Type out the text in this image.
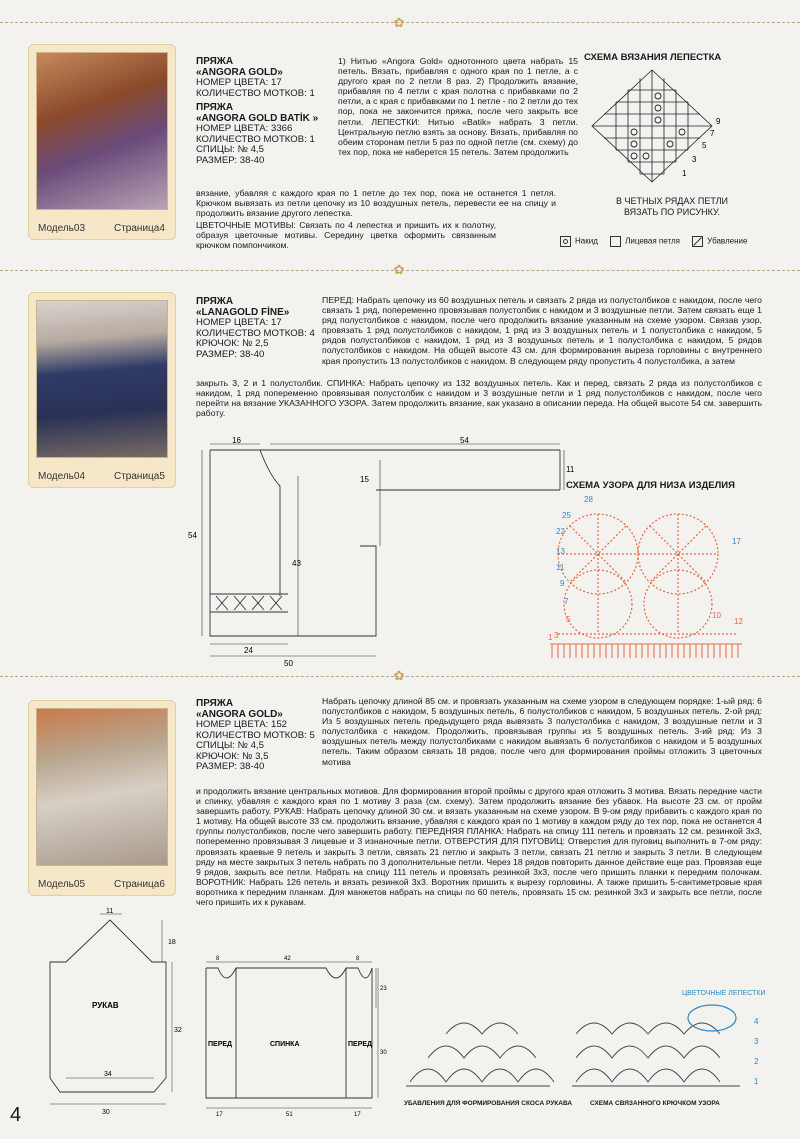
✿
✿
✿
Модель03	Страница4
ПРЯЖА
«ANGORA GOLD»
НОМЕР ЦВЕТА: 17
КОЛИЧЕСТВО МОТКОВ: 1
ПРЯЖА
«ANGORA GOLD BATİK »
НОМЕР ЦВЕТА: 3366
КОЛИЧЕСТВО МОТКОВ: 1
СПИЦЫ: № 4,5
РАЗМЕР: 38-40
1) Нитью «Angora Gold» однотонного цвета набрать 15 петель. Вязать, прибавляя с одного края по 1 петле, а с другого края по 2 петли 8 раз. 2) Продолжить вязание, прибавляя по 4 петли с края полотна с прибавками по 2 петли, а с края с прибавками по 1 петле - по 2 петли до тех пор, пока не закончится пряжа, после чего закрыть все петли. ЛЕПЕСТКИ: Нитью «Batik» набрать 3 петли. Центральную петлю взять за основу. Вязать, прибавляя по обеим сторонам петли 5 раз по одной петле (см. схему) до тех пор, пока не наберется 15 петель. Затем продолжить
вязание, убавляя с каждого края по 1 петле до тех пор, пока не останется 1 петля. Крючком вывязать из петли цепочку из 10 воздушных петель, перевести ее на спицу и продолжить вязание другого лепестка.
ЦВЕТОЧНЫЕ МОТИВЫ: Связать по 4 лепестка и пришить их к полотну, образуя цветочные мотивы. Середину цветка оформить связанным крючком помпончиком.
СХЕМА ВЯЗАНИЯ ЛЕПЕСТКА
9
7
5
3
1
В ЧЕТНЫХ РЯДАХ ПЕТЛИ ВЯЗАТЬ ПО РИСУНКУ.
Накид	Лицевая петля	Убавление
Модель04	Страница5
ПРЯЖА
«LANAGOLD FİNE»
НОМЕР ЦВЕТА: 17
КОЛИЧЕСТВО МОТКОВ: 4
КРЮЧОК: № 2,5
РАЗМЕР: 38-40
ПЕРЕД: Набрать цепочку из 60 воздушных петель и связать 2 ряда из полустолбиков с накидом, после чего связать 1 ряд, попеременно провязывая полустолбик с накидом и 3 воздушные петли. Затем связать еще 1 ряд полустолбиков с накидом, после чего продолжить вязание указанным на схеме узором. Связав узор, провязать 1 ряд полустолбиков с накидом, 1 ряд из 3 воздушных петель и 1 полустолбика с накидом, 5 рядов полустолбиков с накидом, 1 ряд из 3 воздушных петель и 1 полустолбика с накидом, 5 рядов полустолбиков с накидом. На общей высоте 43 см. для формирования выреза горловины с внутреннего края пропустить 13 полустолбиков с накидом. В следующем ряду пропустить 4 полустолбика, а затем
закрыть 3, 2 и 1 полустолбик. СПИНКА: Набрать цепочку из 132 воздушных петель. Как и перед, связать 2 ряда из полустолбиков с накидом, 1 ряд попеременно провязывая полустолбик с накидом и 3 воздушные петли и 1 ряд полустолбиков с накидом, после чего перейти на вязание УКАЗАННОГО УЗОРА. Затем продолжить вязание, как указано в описании переда. На общей высоте 54 см. завершить работу.
16	54
11
15
54
43
24
50
СХЕМА УЗОРА ДЛЯ НИЗА ИЗДЕЛИЯ
28
25
22
17
13
11
9
7
5
3
1
10
12
Модель05	Страница6
ПРЯЖА
«ANGORA GOLD»
НОМЕР ЦВЕТА: 152
КОЛИЧЕСТВО МОТКОВ: 5
СПИЦЫ: № 4,5
КРЮЧОК: № 3,5
РАЗМЕР: 38-40
Набрать цепочку длиной 85 см. и провязать указанным на схеме узором в следующем порядке: 1-ый ряд: 6 полустолбиков с накидом, 5 воздушных петель, 6 полустолбиков с накидом, 5 воздушных петель. 2-ой ряд: Из 5 воздушных петель предыдущего ряда вывязать 3 полустолбика с накидом, 3 воздушные петли и 3 полустолбика с накидом. Продолжить, провязывая группы из 5 воздушных петель. 3-ий ряд: Из 3 воздушных петель между полустолбиками с накидом вывязать 6 полустолбиков с накидом и 5 воздушных петель. Таким образом связать 18 рядов, после чего для формирования проймы отложить 3 цветочных мотива
и продолжить вязание центральных мотивов. Для формирования второй проймы с другого края отложить 3 мотива. Вязать передние части и спинку, убавляя с каждого края по 1 мотиву 3 раза (см. схему). Затем продолжить вязание без убавок. На высоте 23 см. от пройм завершить работу. РУКАВ: Набрать цепочку длиной 30 см. и вязать указанным на схеме узором. В 9-ом ряду прибавить с каждого края по 1 мотиву. На общей высоте 33 см. продолжить вязание, убавляя с каждого края по 1 мотиву в каждом ряду до тех пор, пока не останется 4 группы полустолбиков, после чего завершить работу. ПЕРЕДНЯЯ ПЛАНКА: Набрать на спицу 111 петель и провязать 12 см. резинкой 3x3, попеременно провязывая 3 лицевые и 3 изнаночные петли. ОТВЕРСТИЯ ДЛЯ ПУГОВИЦ: Отверстия для пуговиц выполнить в 7-ом ряду: провязать краевые 9 петель и закрыть 3 петли, связать 21 петлю и закрыть 3 петли, связать 21 петлю и закрыть 3 петли. В следующем ряду на месте закрытых 3 петель набрать по 3 дополнительные петли. Через 18 рядов повторить данное действие еще раз. Провязав еще 9 рядов, закрыть все петли. Набрать на спицу 111 петель и провязать резинкой 3x3, после чего пришить планки к передним полочкам. ВОРОТНИК: Набрать 126 петель и вязать резинкой 3x3. Воротник пришить к вырезу горловины. А также пришить 5-сантиметровые края воротника к передним планкам. Для манжетов набрать на спицы по 60 петель, провязать 15 см. резинкой 3x3 и закрыть все петли, после чего пришить их к рукавам.
11
18
32
34
30
РУКАВ
ПЕРЕД	СПИНКА	ПЕРЕД
8	42	8
23
30
17	51	17
ЦВЕТОЧНЫЕ ЛЕПЕСТКИ
4
3
2
1
УБАВЛЕНИЯ ДЛЯ ФОРМИРОВАНИЯ СКОСА РУКАВА	СХЕМА СВЯЗАННОГО КРЮЧКОМ УЗОРА
4
